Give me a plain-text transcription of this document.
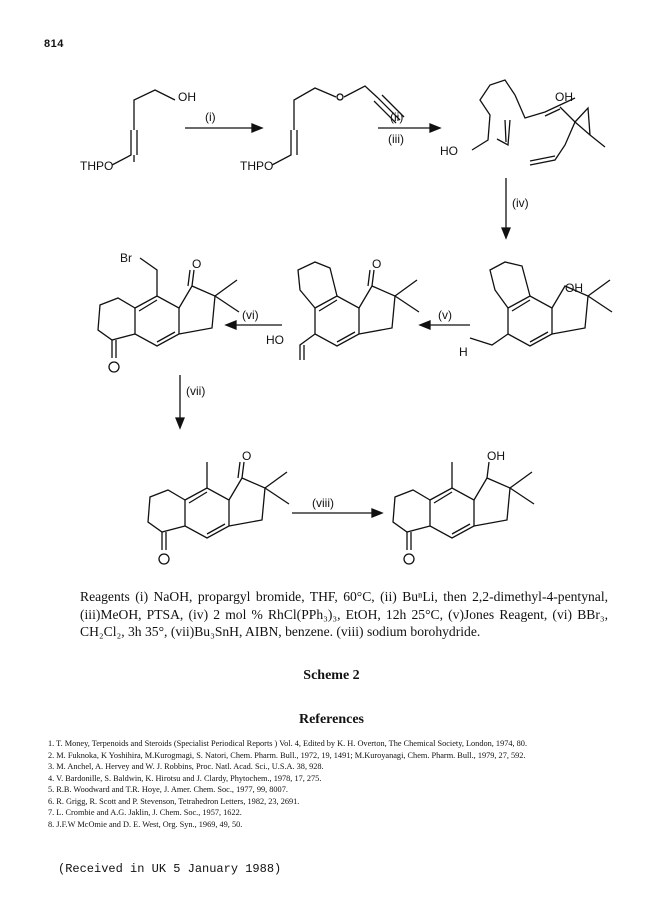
814
OH
THPO
(i)
THPO
(ii)
(iii)
HO
OH
(iv)
OH
H
(v)
O
HO
(vi)
Br	O
(vii)
O
(viii)
OH
Reagents (i) NaOH, propargyl bromide, THF, 60°C, (ii) BuⁿLi, then 2,2-dimethyl-4-pentynal, (iii)MeOH, PTSA, (iv) 2 mol % RhCl(PPh₃)₃, EtOH, 12h 25°C, (v)Jones Reagent, (vi) BBr₃, CH₂Cl₂, 3h 35°, (vii)Bu₃SnH, AIBN, benzene. (viii) sodium borohydride.
Scheme 2
References
1. T. Money, Terpenoids and Steroids (Specialist Periodical Reports ) Vol. 4, Edited by K. H. Overton, The Chemical Society, London, 1974, 80.
2. M. Fuknoka, K Yoshihira, M.Kurogmagi, S. Natori, Chem. Pharm. Bull., 1972, 19, 1491; M.Kuroyanagi, Chem. Pharm. Bull., 1979, 27, 592.
3. M. Anchel, A. Hervey and W. J. Robbins, Proc. Natl. Acad. Sci., U.S.A. 38, 928.
4. V. Bardonille, S. Baldwin, K. Hirotsu and J. Clardy, Phytochem., 1978, 17, 275.
5. R.B. Woodward and T.R. Hoye, J. Amer. Chem. Soc., 1977, 99, 8007.
6. R. Grigg, R. Scott and P. Stevenson, Tetrahedron Letters, 1982, 23, 2691.
7. L. Crombie and A.G. Jaklin, J. Chem. Soc., 1957, 1622.
8. J.F.W McOmie and D. E. West, Org. Syn., 1969, 49, 50.
(Received in UK 5 January 1988)
